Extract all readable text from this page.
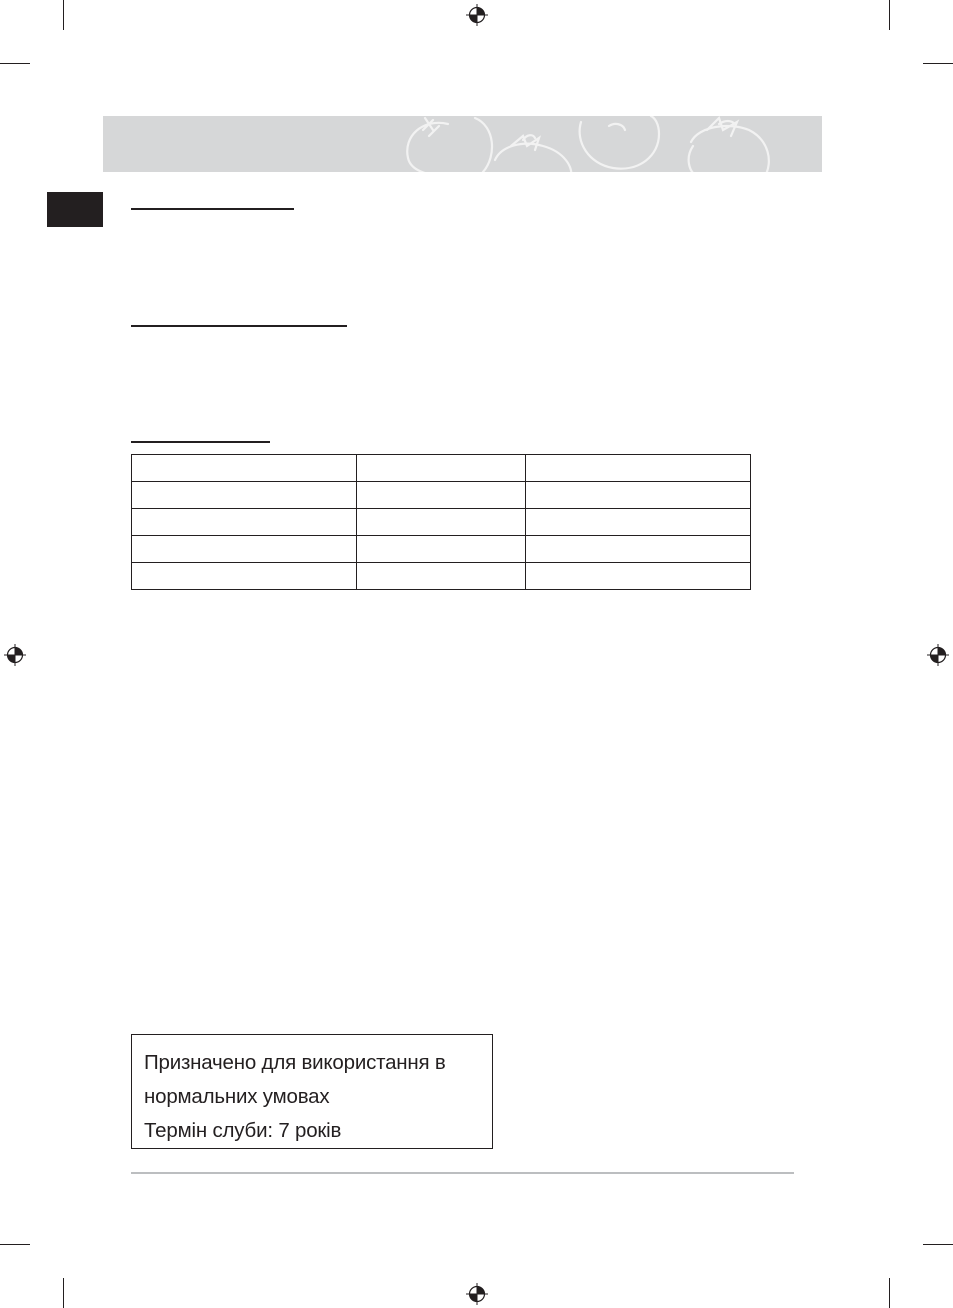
Призначено для використання в
нормальних умовах
Термін слуби: 7 років
